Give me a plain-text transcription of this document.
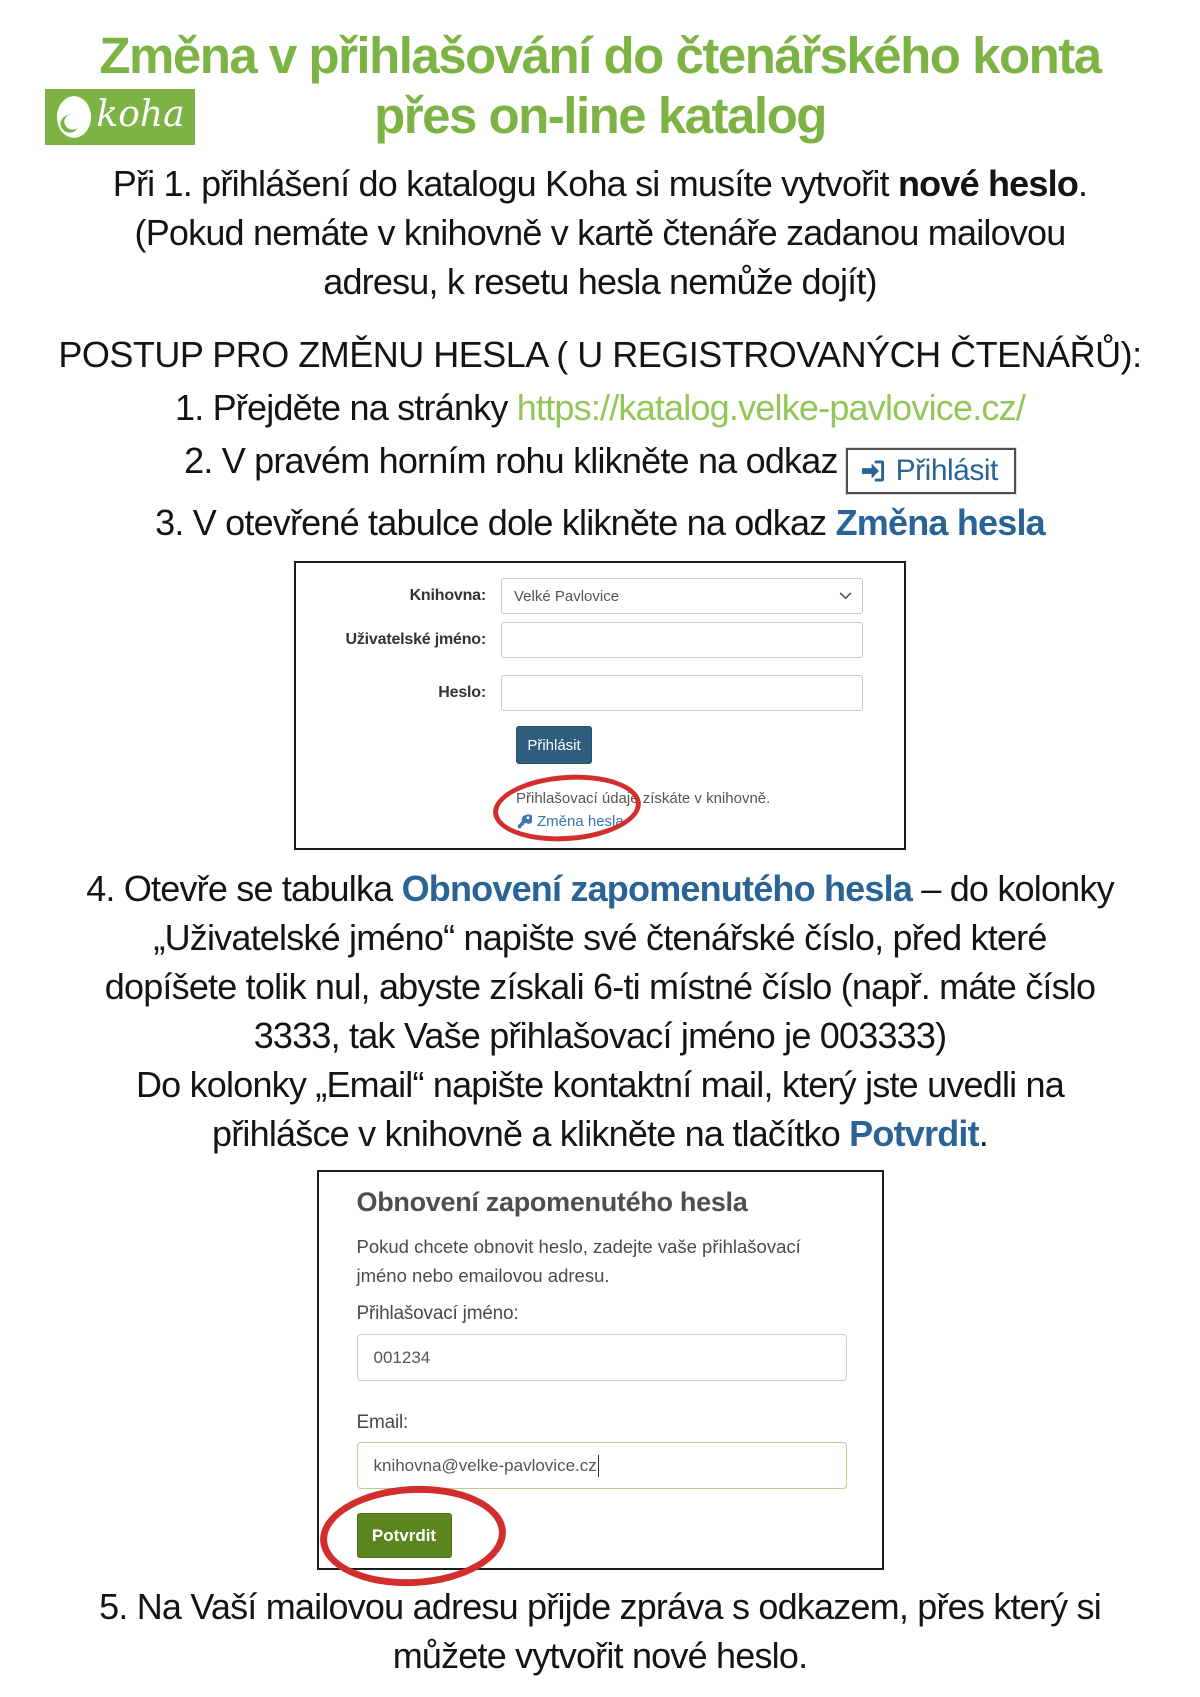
Změna v přihlašování do čtenářského konta
koha	přes on-line katalog
Při 1. přihlášení do katalogu Koha si musíte vytvořit nové heslo.
(Pokud nemáte v knihovně v kartě čtenáře zadanou mailovou
adresu, k resetu hesla nemůže dojít)
POSTUP PRO ZMĚNU HESLA ( U REGISTROVANÝCH ČTENÁŘŮ):
1. Přejděte na stránky https://katalog.velke-pavlovice.cz/
2. V pravém horním rohu klikněte na odkaz Přihlásit
3. V otevřené tabulce dole klikněte na odkaz Změna hesla
Knihovna:	Velké Pavlovice
Uživatelské jméno:
Heslo:
Přihlásit
Přihlašovací údaje získáte v knihovně.
Změna hesla
4. Otevře se tabulka Obnovení zapomenutého hesla – do kolonky
„Uživatelské jméno“ napište své čtenářské číslo, před které
dopíšete tolik nul, abyste získali 6-ti místné číslo (např. máte číslo
3333, tak Vaše přihlašovací jméno je 003333)
Do kolonky „Email“ napište kontaktní mail, který jste uvedli na
přihlášce v knihovně a klikněte na tlačítko Potvrdit.
Obnovení zapomenutého hesla
Pokud chcete obnovit heslo, zadejte vaše přihlašovací jméno nebo emailovou adresu.
Přihlašovací jméno:
001234
Email:
knihovna@velke-pavlovice.cz
Potvrdit
5. Na Vaší mailovou adresu přijde zpráva s odkazem, přes který si
můžete vytvořit nové heslo.
